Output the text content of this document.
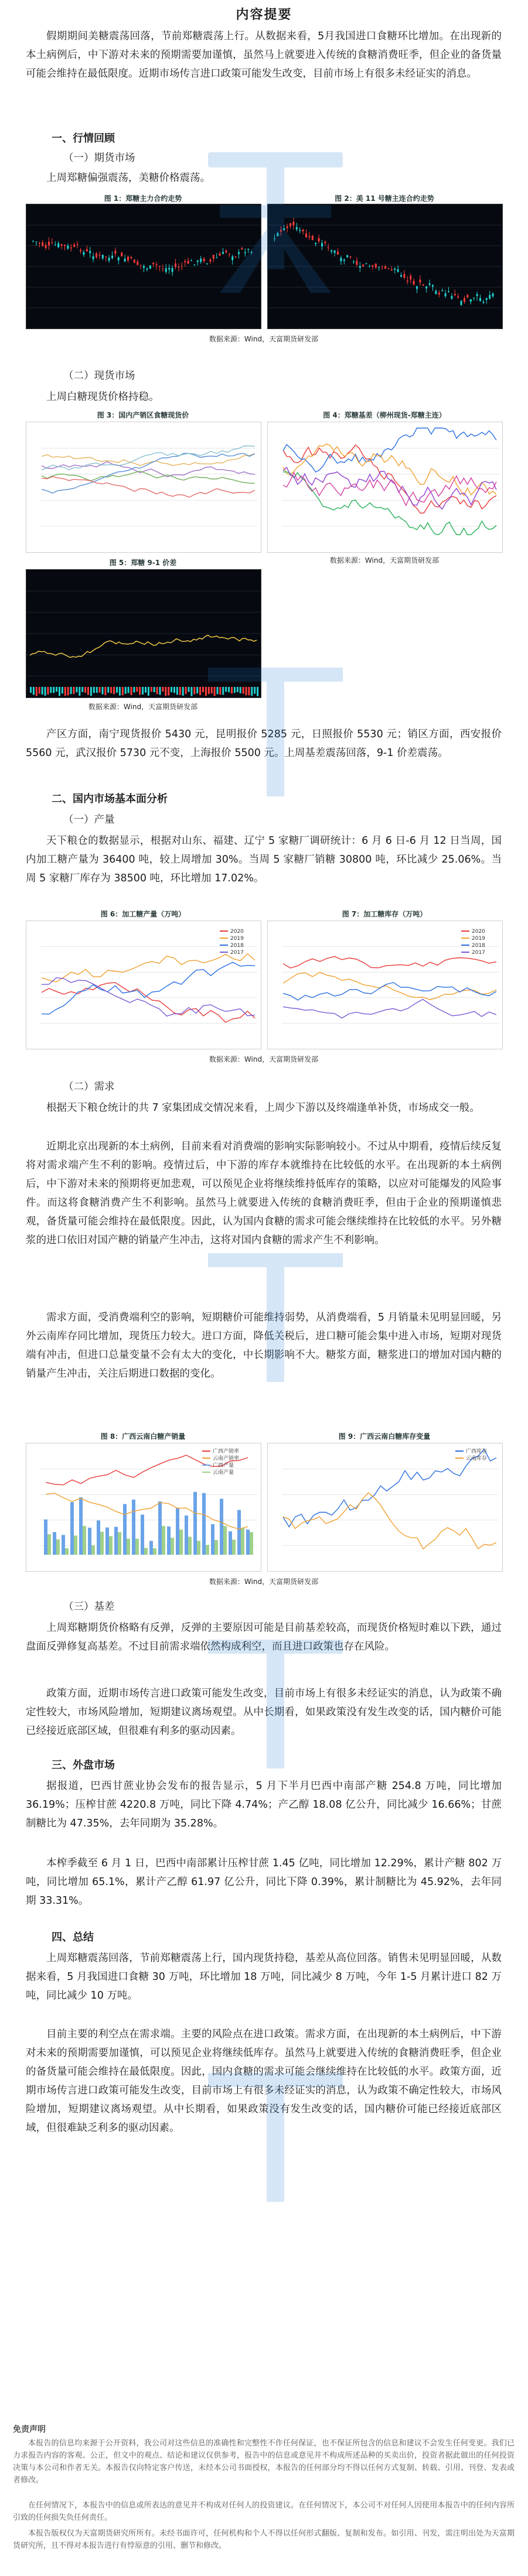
内容提要

假期期间美糖震荡回落，节前郑糖震荡上行。从数据来看，5月我国进口食糖环比增加。在出现新的本土病例后，中下游对未来的预期需要加谨慎，虽然马上就要进入传统的食糖消费旺季，但企业的备货量可能会维持在最低限度。近期市场传言进口政策可能发生改变，目前市场上有很多未经证实的消息。

一、行情回顾
（一）期货市场

上周郑糖偏强震荡，美糖价格震荡。

图 1：郑糖主力合约走势	图 2：美 11 号糖主连合约走势
数据来源：Wind，天富期货研发部
（二）现货市场

上周白糖现货价格持稳。

图 3：国内产销区食糖现货价	图 4：郑糖基差（柳州现货-郑糖主连）
图 5：郑糖 9-1 价差
数据来源：Wind，天富期货研发部
数据来源：Wind，天富期货研发部

产区方面，南宁现货报价 5430 元，昆明报价 5285 元，日照报价 5530 元；销区方面，西安报价 5560 元，武汉报价 5730 元不变，上海报价 5500 元。上周基差震荡回落，9-1 价差震荡。

二、国内市场基本面分析
（一）产量

天下粮仓的数据显示，根据对山东、福建、辽宁 5 家糖厂调研统计：6 月 6 日-6 月 12 日当周，国内加工糖产量为 36400 吨，较上周增加 30%。当周 5 家糖厂销糖 30800 吨，环比减少 25.06%。当周 5 家糖厂库存为 38500 吨，环比增加 17.02%。

图 6：加工糖产量（万吨）
2020
2019
2018
2017
图 7：加工糖库存（万吨）
2020
2019
2018
2017
数据来源：Wind，天富期货研发部
（二）需求

根据天下粮仓统计的共 7 家集团成交情况来看，上周少下游以及终端逢单补货，市场成交一般。

近期北京出现新的本土病例，目前来看对消费端的影响实际影响较小。不过从中期看，疫情后续反复将对需求端产生不利的影响。疫情过后，中下游的库存本就维持在比较低的水平。在出现新的本土病例后，中下游对未来的预期将更加悲观，可以预见企业将继续维持低库存的策略，以应对可能爆发的风险事件。而这将食糖消费产生不利影响。虽然马上就要进入传统的食糖消费旺季，但由于企业的预期谨慎悲观，备货量可能会维持在最低限度。因此，认为国内食糖的需求可能会继续维持在比较低的水平。另外糖浆的进口依旧对国产糖的销量产生冲击，这将对国内食糖的需求产生不利影响。

需求方面，受消费端利空的影响，短期糖价可能维持弱势，从消费端看，5 月销量未见明显回暖，另外云南库存同比增加，现货压力较大。进口方面，降低关税后，进口糖可能会集中进入市场，短期对现货端有冲击，但进口总量变量不会有太大的变化，中长期影响不大。糖浆方面，糖浆进口的增加对国内糖的销量产生冲击，关注后期进口数据的变化。

图 8：广西云南白糖产销量
广西产销率
云南产销率
广西产量
云南产量
图 9：广西云南白糖库存变量
广西库存
云南库存
数据来源：Wind，天富期货研发部
（三）基差

上周郑糖期货价格略有反弹，反弹的主要原因可能是目前基差较高，而现货价格短时难以下跌，通过盘面反弹修复高基差。不过目前需求端依然构成利空，而且进口政策也存在风险。

政策方面，近期市场传言进口政策可能发生改变，目前市场上有很多未经证实的消息，认为政策不确定性较大，市场风险增加，短期建议离场观望。从中长期看，如果政策没有发生改变的话，国内糖价可能已经接近底部区域，但很难有利多的驱动因素。

三、外盘市场

据报道，巴西甘蔗业协会发布的报告显示，5 月下半月巴西中南部产糖 254.8 万吨，同比增加 36.19%；压榨甘蔗 4220.8 万吨，同比下降 4.74%；产乙醇 18.08 亿公升，同比减少 16.66%；甘蔗制糖比为 47.35%，去年同期为 35.28%。

本榨季截至 6 月 1 日，巴西中南部累计压榨甘蔗 1.45 亿吨，同比增加 12.29%，累计产糖 802 万吨，同比增加 65.1%，累计产乙醇 61.97 亿公升，同比下降 0.39%，累计制糖比为 45.92%，去年同期 33.31%。

四、总结

上周郑糖震荡回落，节前郑糖震荡上行，国内现货持稳，基差从高位回落。销售未见明显回暖，从数据来看，5 月我国进口食糖 30 万吨，环比增加 18 万吨，同比减少 8 万吨，今年 1-5 月累计进口 82 万吨，同比减少 10 万吨。

目前主要的利空点在需求端。主要的风险点在进口政策。需求方面，在出现新的本土病例后，中下游对未来的预期需要加谨慎，可以预见企业将继续低库存。虽然马上就要进入传统的食糖消费旺季，但企业的备货量可能会维持在最低限度。因此，国内食糖的需求可能会继续维持在比较低的水平。政策方面，近期市场传言进口政策可能发生改变，目前市场上有很多未经证实的消息，认为政策不确定性较大，市场风险增加，短期建议离场观望。从中长期看，如果政策没有发生改变的话，国内糖价可能已经接近底部区域，但很难缺乏利多的驱动因素。

免责声明

本报告的信息均来源于公开资料，我公司对这些信息的准确性和完整性不作任何保证，也不保证所包含的信息和建议不会发生任何变更。我们已力求报告内容的客观、公正，但文中的观点、结论和建议仅供参考，报告中的信息或意见并不构成所述品种的买卖出价，投资者据此做出的任何投资决策与本公司和作者无关。本报告仅向特定客户传送，未经本公司书面授权，本报告的任何部分均不得以任何方式复制、转载、引用、刊登、发表或者修改。

在任何情况下，本报告中的信息或所表达的意见并不构成对任何人的投资建议。在任何情况下，本公司不对任何人因使用本报告中的任何内容所引致的任何损失负任何责任。

本报告版权仅为天富期货研究所所有。未经书面许可，任何机构和个人不得以任何形式翻版、复制和发布。如引用、刊发，需注明出处为天富期货研究所，且不得对本报告进行有悖原意的引用、删节和修改。
